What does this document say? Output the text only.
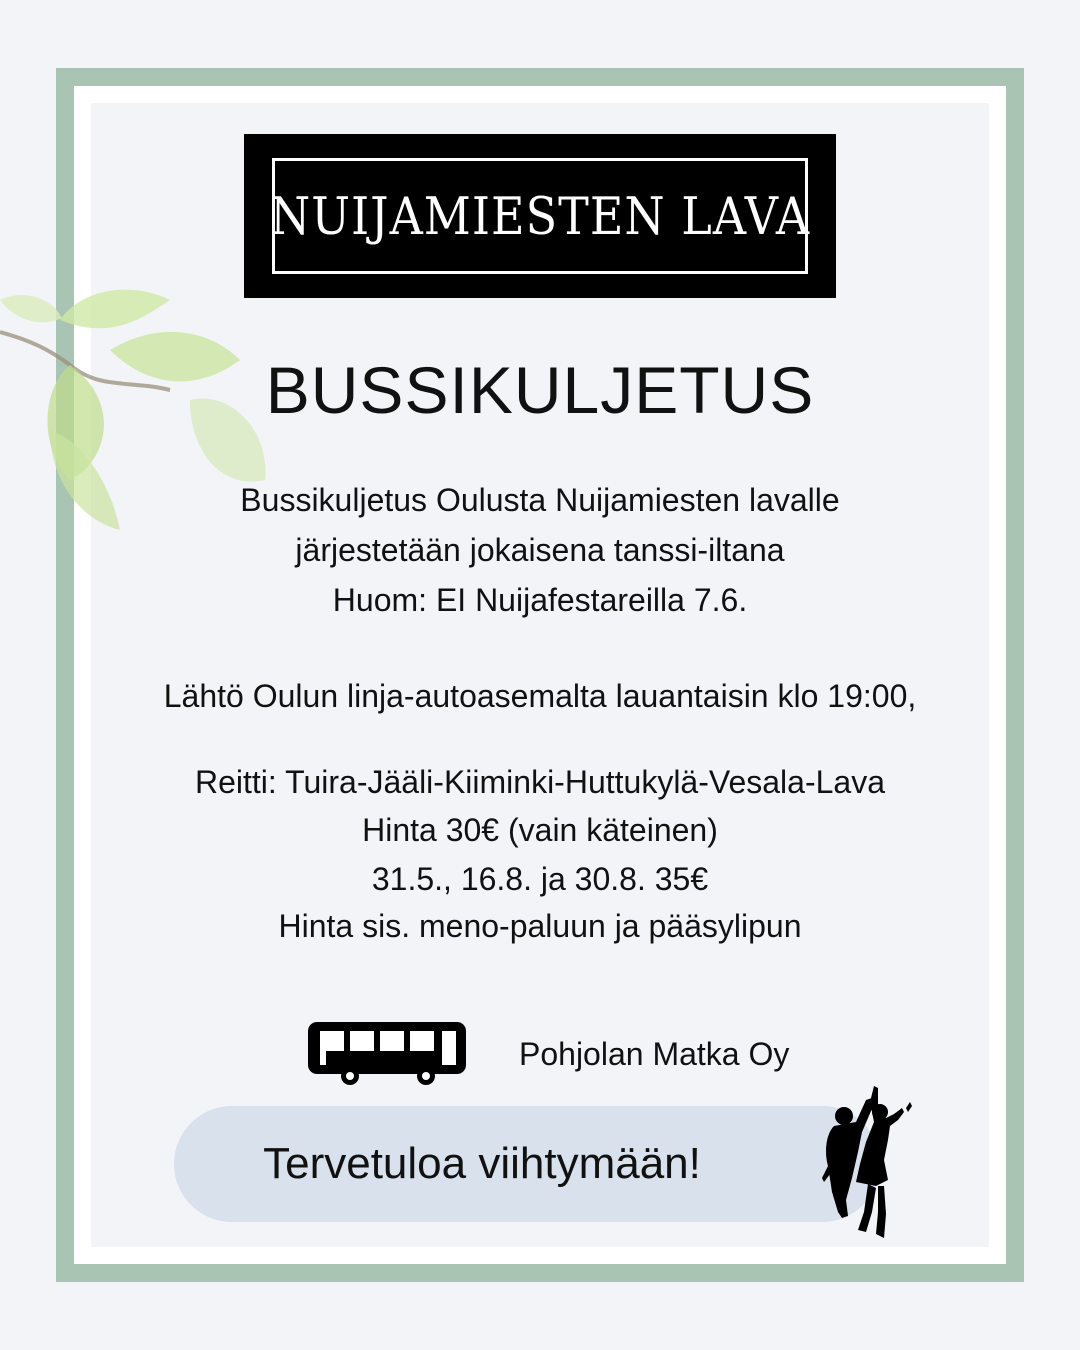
NUIJAMIESTEN LAVA
BUSSIKULJETUS
Bussikuljetus Oulusta Nuijamiesten lavalle
järjestetään jokaisena tanssi-iltana
Huom: EI Nuijafestareilla 7.6.
Lähtö Oulun linja-autoasemalta lauantaisin klo 19:00,
Reitti: Tuira-Jääli-Kiiminki-Huttukylä-Vesala-Lava
Hinta 30€ (vain käteinen)
31.5., 16.8. ja 30.8. 35€
Hinta sis. meno-paluun ja pääsylipun
Pohjolan Matka Oy
Tervetuloa viihtymään!
